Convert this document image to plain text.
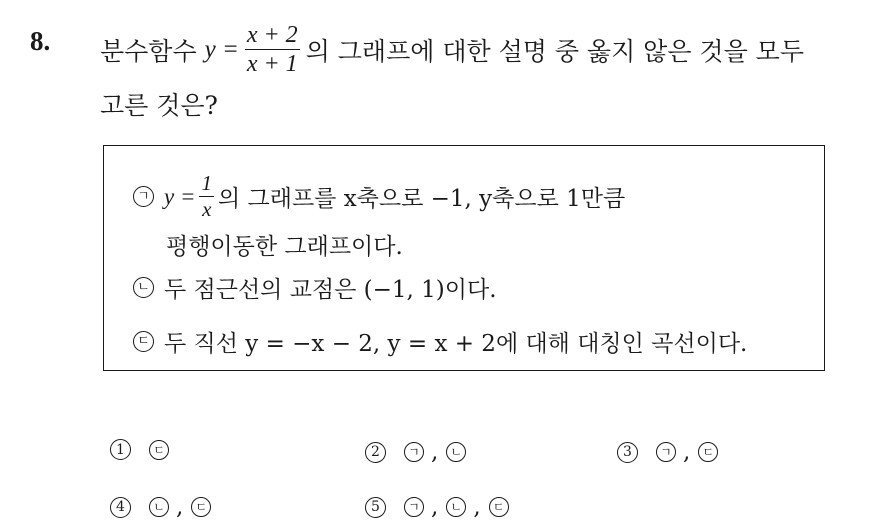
8. 분수함수 $y = \frac{x + 2}{x + 1}$ 의 그래프에 대한 설명 중 옳지 않은 것을 모두
고른 것은?
ㄱ $y = \frac{1}{x}$ 의 그래프를 x축으로 −1, y축으로 1만큼
평행이동한 그래프이다.
ㄴ 두 점근선의 교점은 (−1, 1)이다.
ㄷ 두 직선 y = −x − 2, y = x + 2에 대해 대칭인 곡선이다.
1	ㄷ	2	ㄱ ,	ㄴ	3	ㄱ ,	ㄷ
4	ㄴ ,	ㄷ	5	ㄱ ,	ㄴ ,	ㄷ
